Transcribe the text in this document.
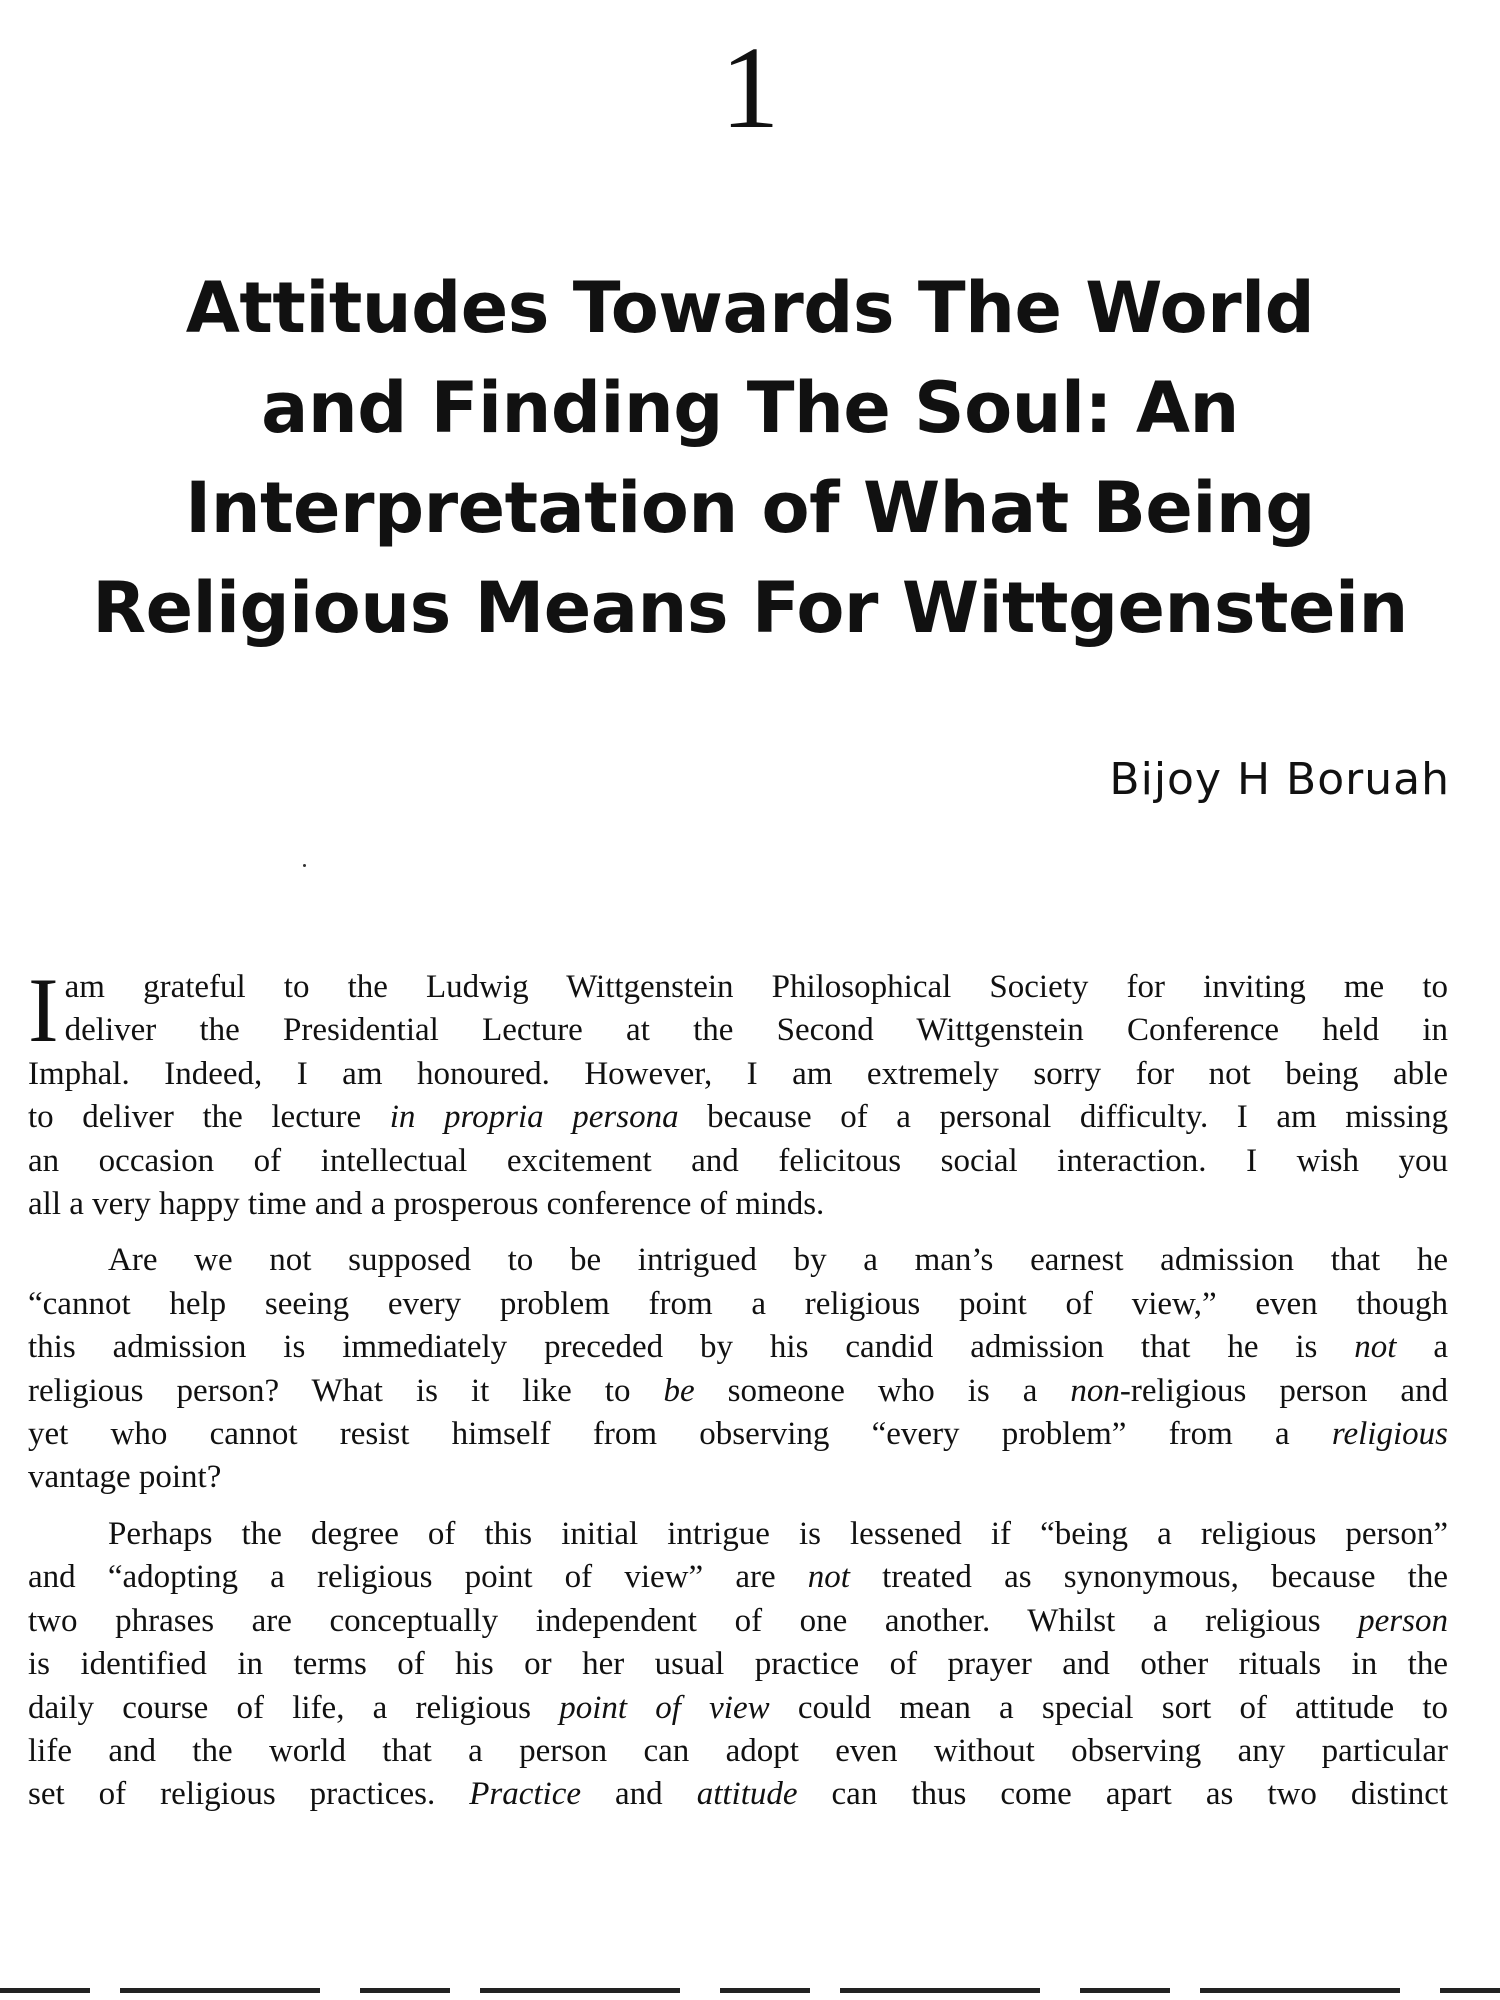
1
Attitudes Towards The World
and Finding The Soul: An
Interpretation of What Being
Religious Means For Wittgenstein
Bijoy H Boruah

I am grateful to the Ludwig Wittgenstein Philosophical Society for inviting me to
deliver the Presidential Lecture at the Second Wittgenstein Conference held in
Imphal. Indeed, I am honoured. However, I am extremely sorry for not being able
to deliver the lecture in propria persona because of a personal difficulty. I am missing
an occasion of intellectual excitement and felicitous social interaction. I wish you
all a very happy time and a prosperous conference of minds.

Are we not supposed to be intrigued by a man’s earnest admission that he
“cannot help seeing every problem from a religious point of view,” even though
this admission is immediately preceded by his candid admission that he is not a
religious person? What is it like to be someone who is a non-religious person and
yet who cannot resist himself from observing “every problem” from a religious
vantage point?

Perhaps the degree of this initial intrigue is lessened if “being a religious person”
and “adopting a religious point of view” are not treated as synonymous, because the
two phrases are conceptually independent of one another. Whilst a religious person
is identified in terms of his or her usual practice of prayer and other rituals in the
daily course of life, a religious point of view could mean a special sort of attitude to
life and the world that a person can adopt even without observing any particular
set of religious practices. Practice and attitude can thus come apart as two distinct
